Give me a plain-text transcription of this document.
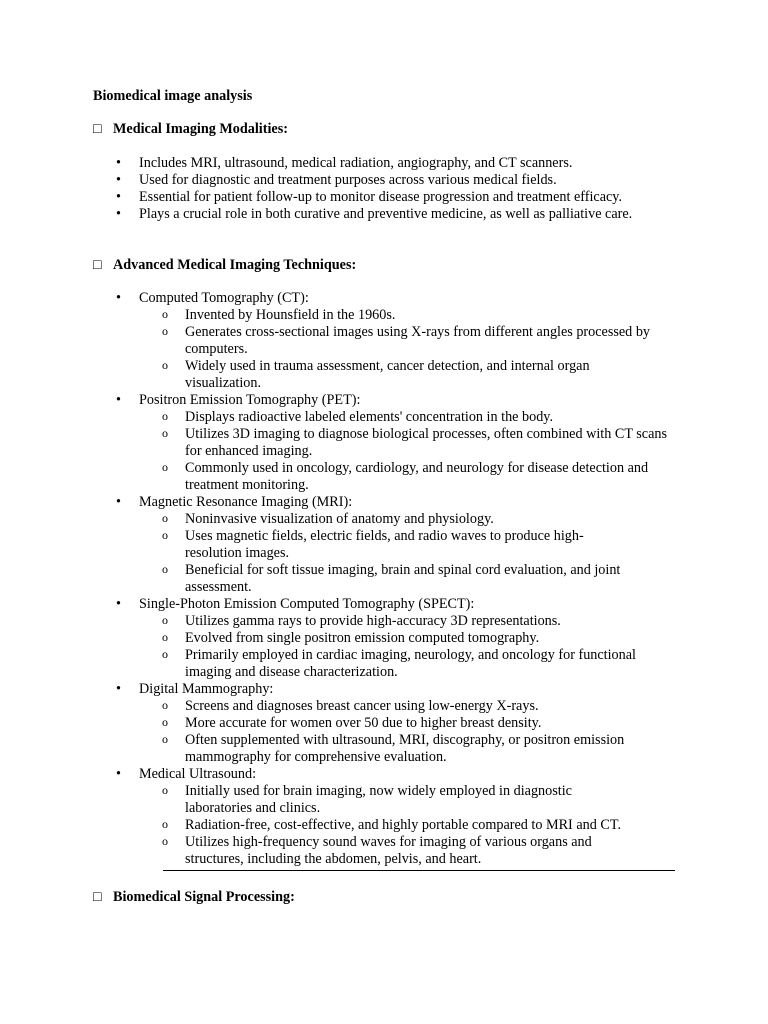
Biomedical image analysis

□ Medical Imaging Modalities:

• Includes MRI, ultrasound, medical radiation, angiography, and CT scanners.
• Used for diagnostic and treatment purposes across various medical fields.
• Essential for patient follow-up to monitor disease progression and treatment efficacy.
• Plays a crucial role in both curative and preventive medicine, as well as palliative care.

□ Advanced Medical Imaging Techniques:

• Computed Tomography (CT):
o Invented by Hounsfield in the 1960s.
o Generates cross-sectional images using X-rays from different angles processed by computers.
o Widely used in trauma assessment, cancer detection, and internal organ visualization.
• Positron Emission Tomography (PET):
o Displays radioactive labeled elements' concentration in the body.
o Utilizes 3D imaging to diagnose biological processes, often combined with CT scans for enhanced imaging.
o Commonly used in oncology, cardiology, and neurology for disease detection and treatment monitoring.
• Magnetic Resonance Imaging (MRI):
o Noninvasive visualization of anatomy and physiology.
o Uses magnetic fields, electric fields, and radio waves to produce high-resolution images.
o Beneficial for soft tissue imaging, brain and spinal cord evaluation, and joint assessment.
• Single-Photon Emission Computed Tomography (SPECT):
o Utilizes gamma rays to provide high-accuracy 3D representations.
o Evolved from single positron emission computed tomography.
o Primarily employed in cardiac imaging, neurology, and oncology for functional imaging and disease characterization.
• Digital Mammography:
o Screens and diagnoses breast cancer using low-energy X-rays.
o More accurate for women over 50 due to higher breast density.
o Often supplemented with ultrasound, MRI, discography, or positron emission mammography for comprehensive evaluation.
• Medical Ultrasound:
o Initially used for brain imaging, now widely employed in diagnostic laboratories and clinics.
o Radiation-free, cost-effective, and highly portable compared to MRI and CT.
o Utilizes high-frequency sound waves for imaging of various organs and structures, including the abdomen, pelvis, and heart.

□ Biomedical Signal Processing:
